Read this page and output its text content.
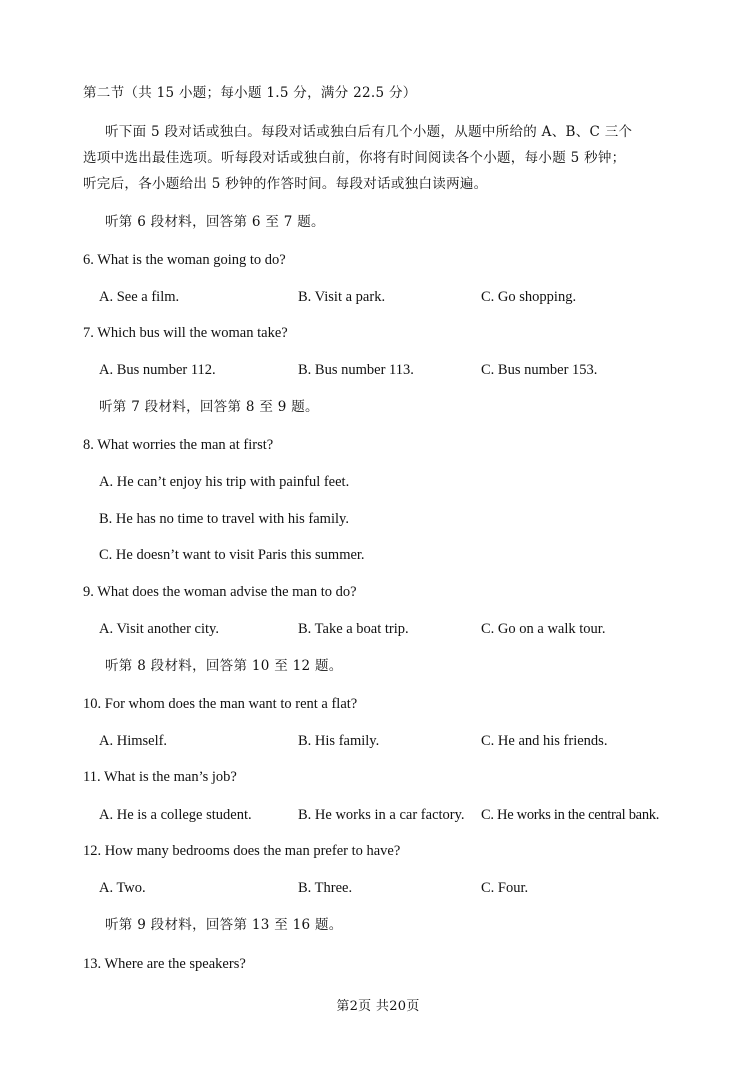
第二节（共 15 小题；每小题 1.5 分，满分 22.5 分）
听下面 5 段对话或独白。每段对话或独白后有几个小题，从题中所给的 A、B、C 三个
选项中选出最佳选项。听每段对话或独白前，你将有时间阅读各个小题，每小题 5 秒钟；
听完后，各小题给出 5 秒钟的作答时间。每段对话或独白读两遍。
听第 6 段材料，回答第 6 至 7 题。
6. What is the woman going to do?
A. See a film.	B. Visit a park.	C. Go shopping.
7. Which bus will the woman take?
A. Bus number 112.	B. Bus number 113.	C. Bus number 153.
听第 7 段材料，回答第 8 至 9 题。
8. What worries the man at first?
A. He can’t enjoy his trip with painful feet.
B. He has no time to travel with his family.
C. He doesn’t want to visit Paris this summer.
9. What does the woman advise the man to do?
A. Visit another city.	B. Take a boat trip.	C. Go on a walk tour.
听第 8 段材料，回答第 10 至 12 题。
10. For whom does the man want to rent a flat?
A. Himself.	B. His family.	C. He and his friends.
11. What is the man’s job?
A. He is a college student.	B. He works in a car factory. C. He works in the central bank.
12. How many bedrooms does the man prefer to have?
A. Two.	B. Three.	C. Four.
听第 9 段材料，回答第 13 至 16 题。
13. Where are the speakers?
第2页 共20页
